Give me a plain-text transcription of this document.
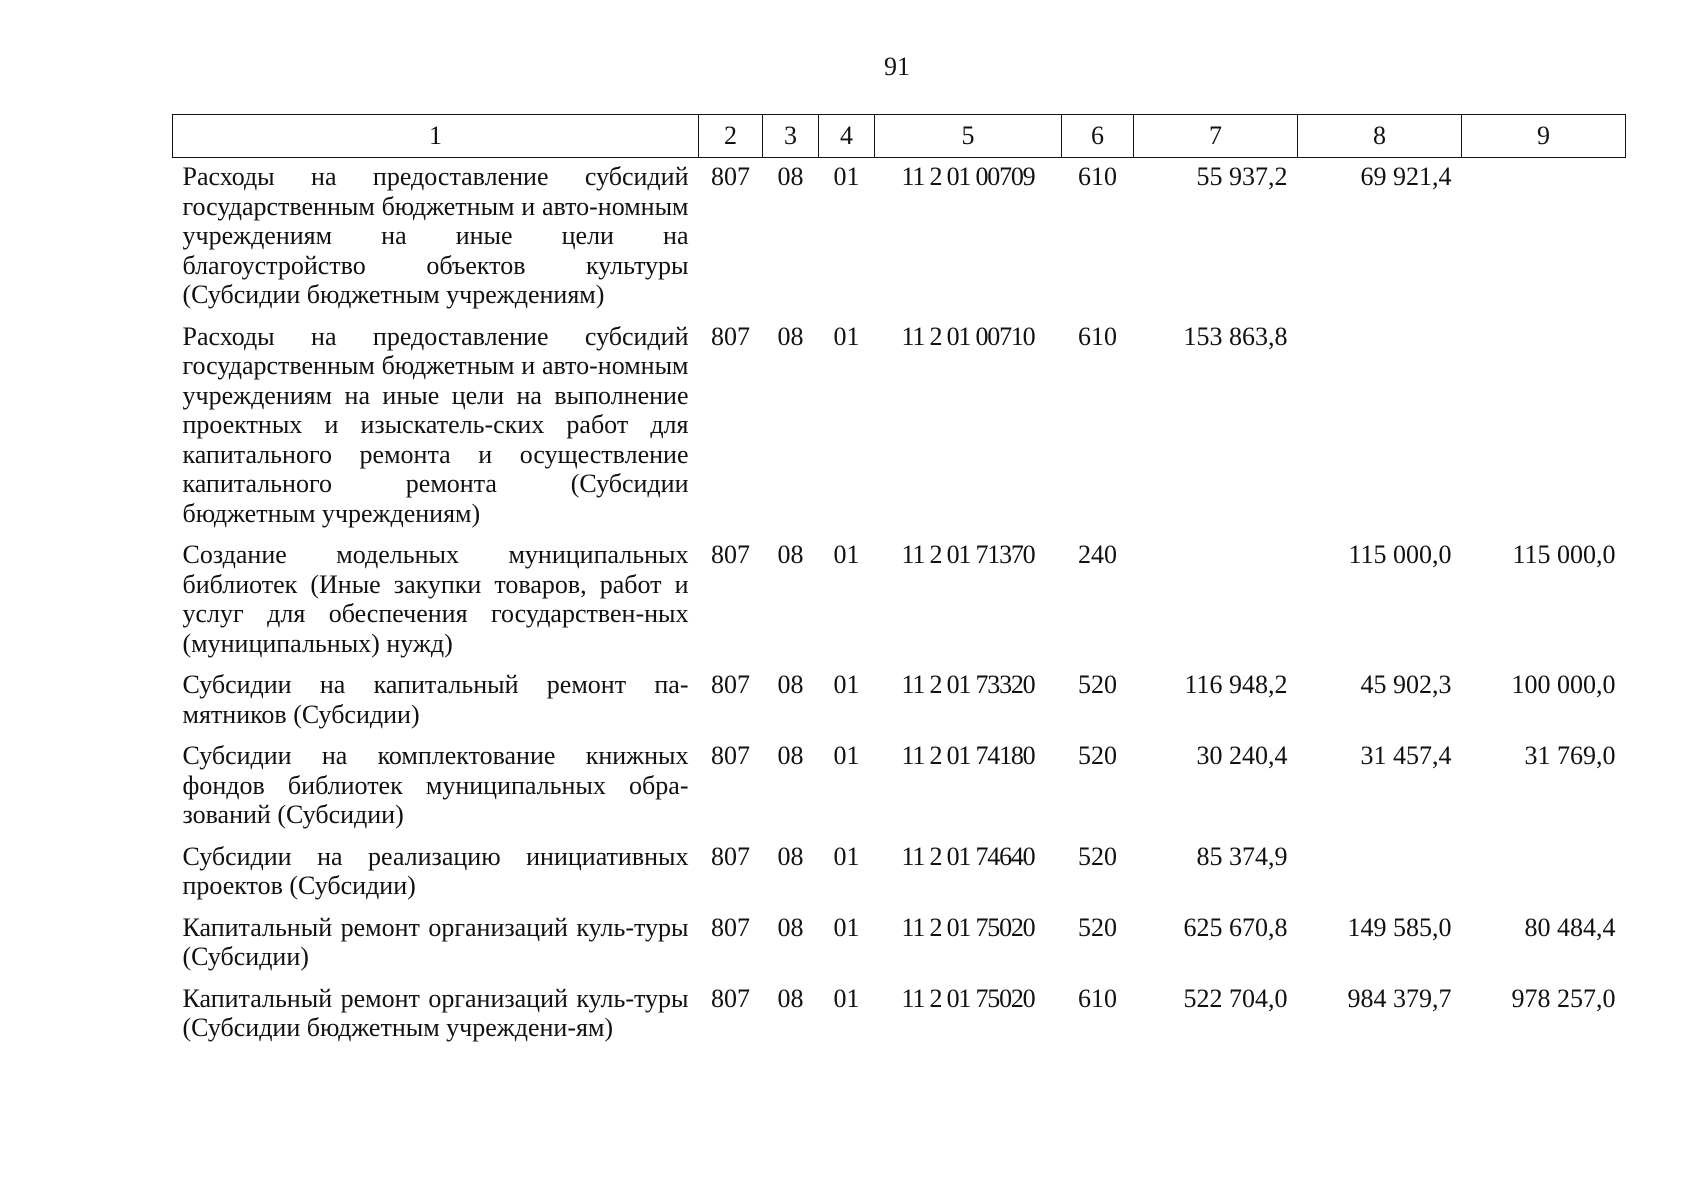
91
1	2	3	4	5	6	7	8	9
Расходы на предоставление субсидий государственным бюджетным и авто-номным учреждениям на иные цели на благоустройство объектов культуры (Субсидии бюджетным учреждениям)	807	08	01	11 2 01 00709	610	55 937,2	69 921,4	
Расходы на предоставление субсидий государственным бюджетным и авто-номным учреждениям на иные цели на выполнение проектных и изыскатель-ских работ для капитального ремонта и осуществление капитального ремонта (Субсидии бюджетным учреждениям)	807	08	01	11 2 01 00710	610	153 863,8		
Создание модельных муниципальных библиотек (Иные закупки товаров, работ и услуг для обеспечения государствен-ных (муниципальных) нужд)	807	08	01	11 2 01 71370	240		115 000,0	115 000,0
Субсидии на капитальный ремонт па-мятников (Субсидии)	807	08	01	11 2 01 73320	520	116 948,2	45 902,3	100 000,0
Субсидии на комплектование книжных фондов библиотек муниципальных обра-зований (Субсидии)	807	08	01	11 2 01 74180	520	30 240,4	31 457,4	31 769,0
Субсидии на реализацию инициативных проектов (Субсидии)	807	08	01	11 2 01 74640	520	85 374,9		
Капитальный ремонт организаций куль-туры (Субсидии)	807	08	01	11 2 01 75020	520	625 670,8	149 585,0	80 484,4
Капитальный ремонт организаций куль-туры (Субсидии бюджетным учреждени-ям)	807	08	01	11 2 01 75020	610	522 704,0	984 379,7	978 257,0
